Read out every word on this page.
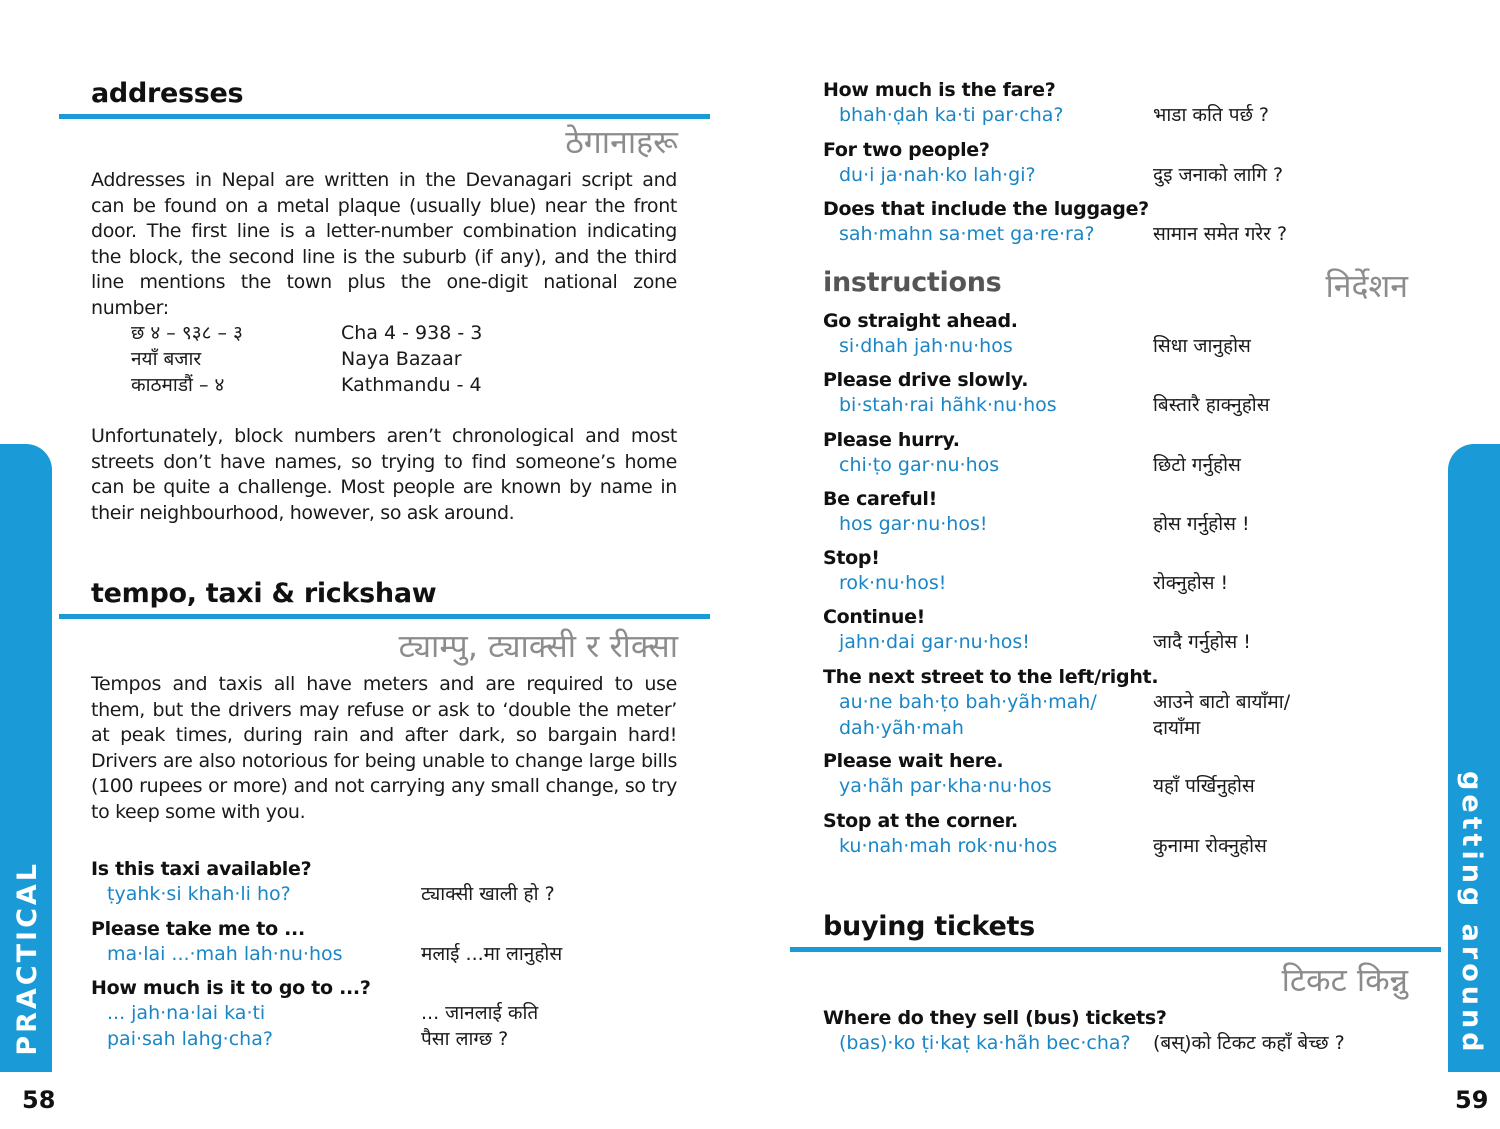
addresses
ठेगानाहरू

Addresses in Nepal are written in the Devanagari script and can be found on a metal plaque (usually blue) near the front door. The first line is a letter-number combination indicating the block, the second line is the suburb (if any), and the third line mentions the town plus the one-digit national zone number:

छ ४ – ९३८ – ३	Cha 4 - 938 - 3
नयाँ बजार	Naya Bazaar
काठमाडौं – ४	Kathmandu - 4

Unfortunately, block numbers aren’t chronological and most streets don’t have names, so trying to find someone’s home can be quite a challenge. Most people are known by name in their neighbourhood, however, so ask around.

tempo, taxi & rickshaw
ट्याम्पु, ट्याक्सी र रीक्सा

Tempos and taxis all have meters and are required to use them, but the drivers may refuse or ask to ‘double the meter’ at peak times, during rain and after dark, so bargain hard! Drivers are also notorious for being unable to change large bills (100 rupees or more) and not carrying any small change, so try to keep some with you.

Is this taxi available?
ṭyahk·si khah·li ho?	ट्याक्सी खाली हो ?
Please take me to ...
ma·lai ...·mah lah·nu·hos	मलाई ...मा लानुहोस
How much is it to go to ...?
... jah·na·lai ka·ti
pai·sah lahg·cha?
... जानलाई कति
पैसा लाग्छ ?
PRACTICAL
58
How much is the fare?
bhah·ḍah ka·ti par·cha?	भाडा कति पर्छ ?
For two people?
du·i ja·nah·ko lah·gi?	दुइ जनाको लागि ?
Does that include the luggage?
sah·mahn sa·met ga·re·ra?	सामान समेत गरेर ?
instructions	निर्देशन
Go straight ahead.
si·dhah jah·nu·hos	सिधा जानुहोस
Please drive slowly.
bi·stah·rai hãhk·nu·hos	बिस्तारै हाक्नुहोस
Please hurry.
chi·ṭo gar·nu·hos	छिटो गर्नुहोस
Be careful!
hos gar·nu·hos!	होस गर्नुहोस !
Stop!
rok·nu·hos!	रोक्नुहोस !
Continue!
jahn·dai gar·nu·hos!	जादै गर्नुहोस !
The next street to the left/right.
au·ne bah·ṭo bah·yãh·mah/
dah·yãh·mah
आउने बाटो बायाँमा/
दायाँमा
Please wait here.
ya·hãh par·kha·nu·hos	यहाँ पर्खिनुहोस
Stop at the corner.
ku·nah·mah rok·nu·hos	कुनामा रोक्नुहोस
buying tickets
टिकट किन्नु
Where do they sell (bus) tickets?
(bas)·ko ṭi·kaṭ ka·hãh bec·cha? (बस्)को टिकट कहाँ बेच्छ ?
59
getting around
